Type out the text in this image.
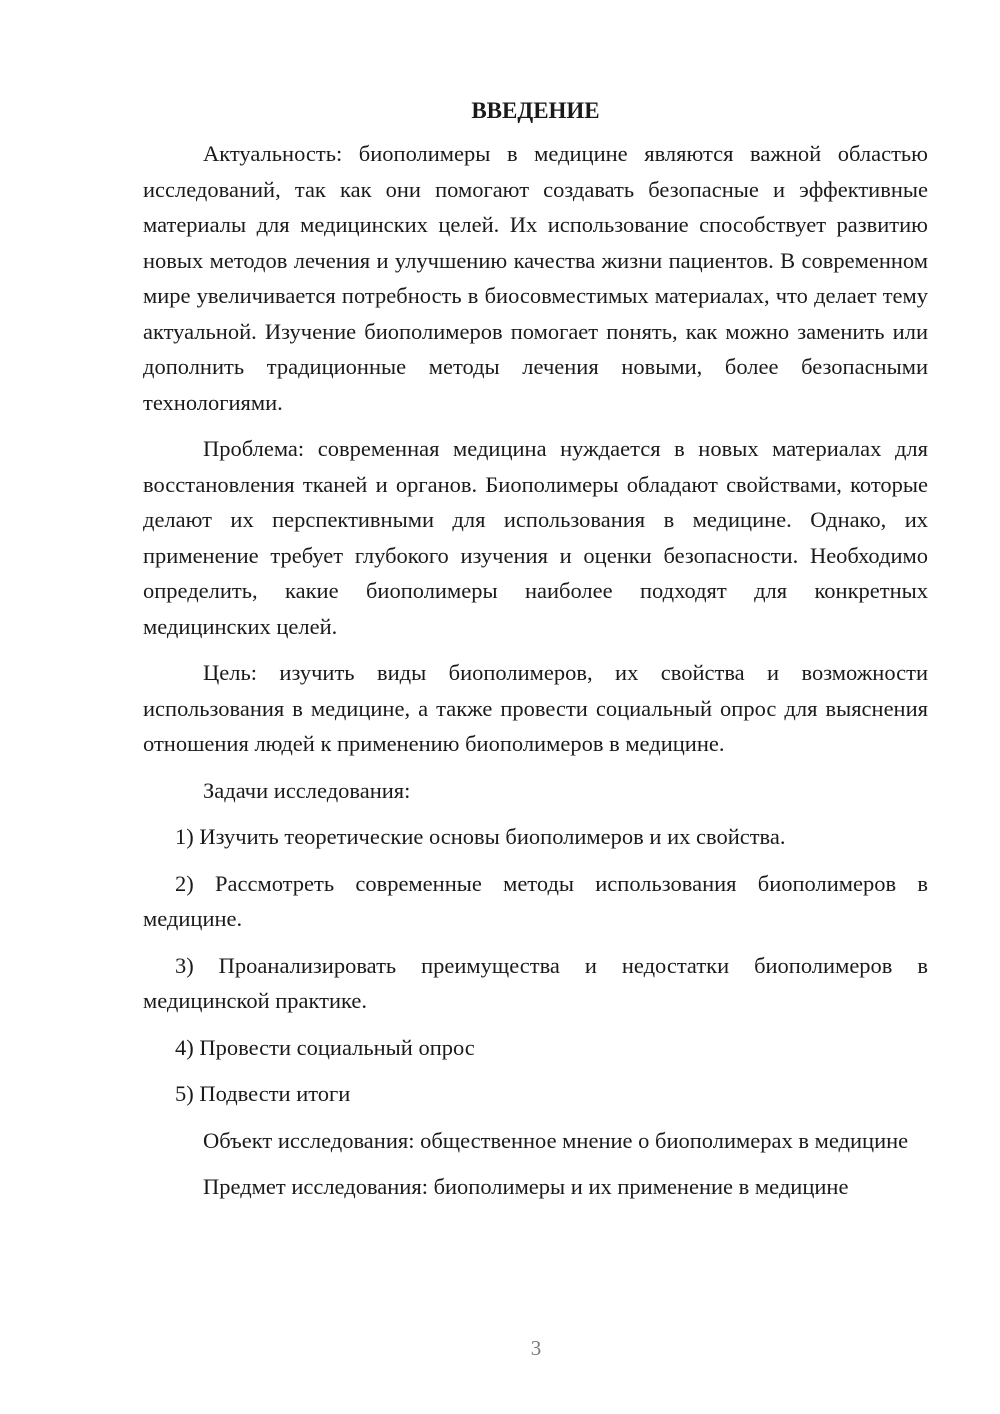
ВВЕДЕНИЕ

Актуальность: биополимеры в медицине являются важной областью исследований, так как они помогают создавать безопасные и эффективные материалы для медицинских целей. Их использование способствует развитию новых методов лечения и улучшению качества жизни пациентов. В современном мире увеличивается потребность в биосовместимых материалах, что делает тему актуальной. Изучение биополимеров помогает понять, как можно заменить или дополнить традиционные методы лечения новыми, более безопасными технологиями.

Проблема: современная медицина нуждается в новых материалах для восстановления тканей и органов. Биополимеры обладают свойствами, которые делают их перспективными для использования в медицине. Однако, их применение требует глубокого изучения и оценки безопасности. Необходимо определить, какие биополимеры наиболее подходят для конкретных медицинских целей.

Цель: изучить виды биополимеров, их свойства и возможности использования в медицине, а также провести социальный опрос для выяснения отношения людей к применению биополимеров в медицине.

Задачи исследования:

1) Изучить теоретические основы биополимеров и их свойства.

2) Рассмотреть современные методы использования биополимеров в медицине.

3) Проанализировать преимущества и недостатки биополимеров в медицинской практике.

4) Провести социальный опрос

5) Подвести итоги

Объект исследования: общественное мнение о биополимерах в медицине

Предмет исследования: биополимеры и их применение в медицине

3
